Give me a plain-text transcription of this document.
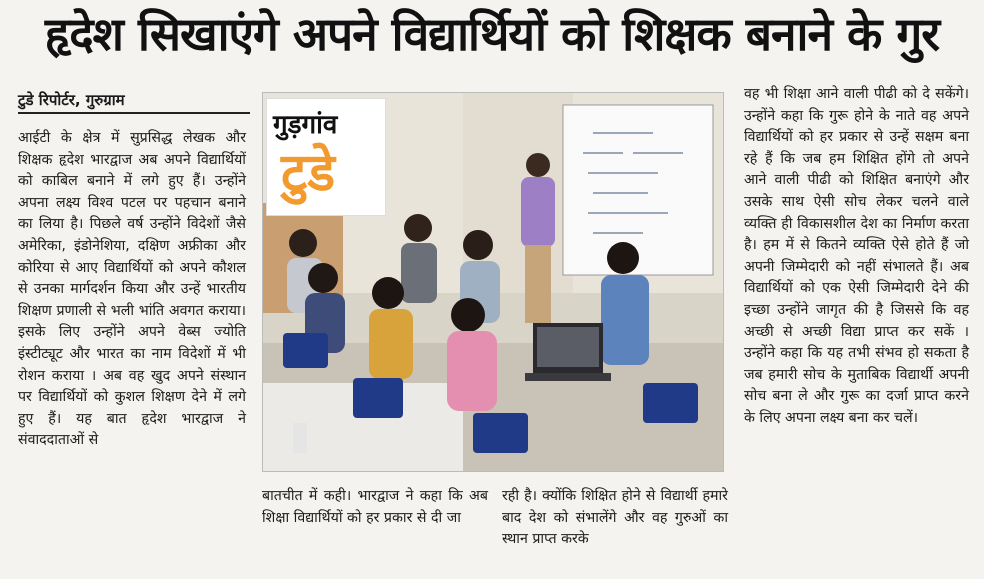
हृदेश सिखाएंगे अपने विद्यार्थियों को शिक्षक बनाने के गुर
टुडे रिपोर्टर, गुरुग्राम
आईटी के क्षेत्र में सुप्रसिद्ध लेखक और शिक्षक हृदेश भारद्वाज अब अपने विद्यार्थियों को काबिल बनाने में लगे हुए हैं। उन्होंने अपना लक्ष्य विश्व पटल पर पहचान बनाने का लिया है। पिछले वर्ष उन्होंने विदेशों जैसे अमेरिका, इंडोनेशिया, दक्षिण अफ्रीका और कोरिया से आए विद्यार्थियों को अपने कौशल से उनका मार्गदर्शन किया और उन्हें भारतीय शिक्षण प्रणाली से भली भांति अवगत कराया। इसके लिए उन्होंने अपने वेब्स ज्योति इंस्टीट्यूट और भारत का नाम विदेशों में भी रोशन कराया । अब वह खुद अपने संस्थान पर विद्यार्थियों को कुशल शिक्षण देने में लगे हुए हैं। यह बात हृदेश भारद्वाज ने संवाददाताओं से
गुड़गांव
टुडे
बातचीत में कही। भारद्वाज ने कहा कि अब शिक्षा विद्यार्थियों को हर प्रकार से दी जा
रही है। क्योंकि शिक्षित होने से विद्यार्थी हमारे बाद देश को संभालेंगे और वह गुरुओं का स्थान प्राप्त करके
वह भी शिक्षा आने वाली पीढी को दे सकेंगे। उन्होंने कहा कि गुरू होने के नाते वह अपने विद्यार्थियों को हर प्रकार से उन्हें सक्षम बना रहे हैं कि जब हम शिक्षित होंगे तो अपने आने वाली पीढी को शिक्षित बनाएंगे और उसके साथ ऐसी सोच लेकर चलने वाले व्यक्ति ही विकासशील देश का निर्माण करता है। हम में से कितने व्यक्ति ऐसे होते हैं जो अपनी जिम्मेदारी को नहीं संभालते हैं। अब विद्यार्थियों को एक ऐसी जिम्मेदारी देने की इच्छा उन्होंने जागृत की है जिससे कि वह अच्छी से अच्छी विद्या प्राप्त कर सकें । उन्होंने कहा कि यह तभी संभव हो सकता है जब हमारी सोच के मुताबिक विद्यार्थी अपनी सोच बना ले और गुरू का दर्जा प्राप्त करने के लिए अपना लक्ष्य बना कर चलें।
